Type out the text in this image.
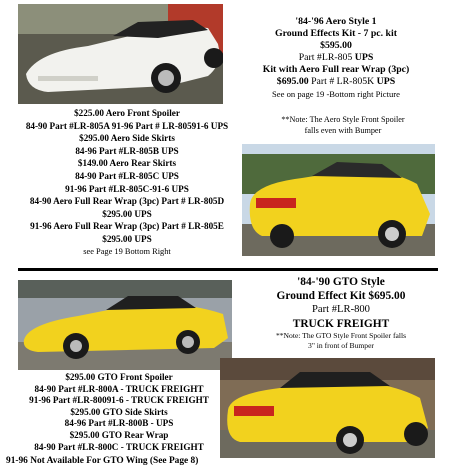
'84-'96 Aero Style 1
Ground Effects Kit - 7 pc. kit
$595.00
Part #LR-805 UPS
Kit with Aero Full rear Wrap (3pc)
$695.00 Part # LR-805K UPS
See on page 19 -Bottom right Picture
**Note: The Aero Style Front Spoiler
falls even with Bumper
$225.00 Aero Front Spoiler
84-90 Part #LR-805A 91-96 Part # LR-80591-6 UPS
$295.00 Aero Side Skirts
84-96 Part #LR-805B UPS
$149.00 Aero Rear Skirts
84-90 Part #LR-805C UPS
91-96 Part #LR-805C-91-6 UPS
84-90 Aero Full Rear Wrap (3pc) Part # LR-805D
$295.00 UPS
91-96 Aero Full Rear Wrap (3pc) Part # LR-805E
$295.00 UPS
see Page 19 Bottom Right
'84-'90 GTO Style
Ground Effect Kit $695.00
Part #LR-800
TRUCK FREIGHT
**Note: The GTO Style Front Spoiler falls
3" in front of Bumper
$295.00 GTO Front Spoiler
84-90 Part #LR-800A - TRUCK FREIGHT
91-96 Part #LR-80091-6 - TRUCK FREIGHT
$295.00 GTO Side Skirts
84-96 Part #LR-800B - UPS
$295.00 GTO Rear Wrap
84-90 Part #LR-800C - TRUCK FREIGHT
91-96 Not Available For GTO Wing (See Page 8)
